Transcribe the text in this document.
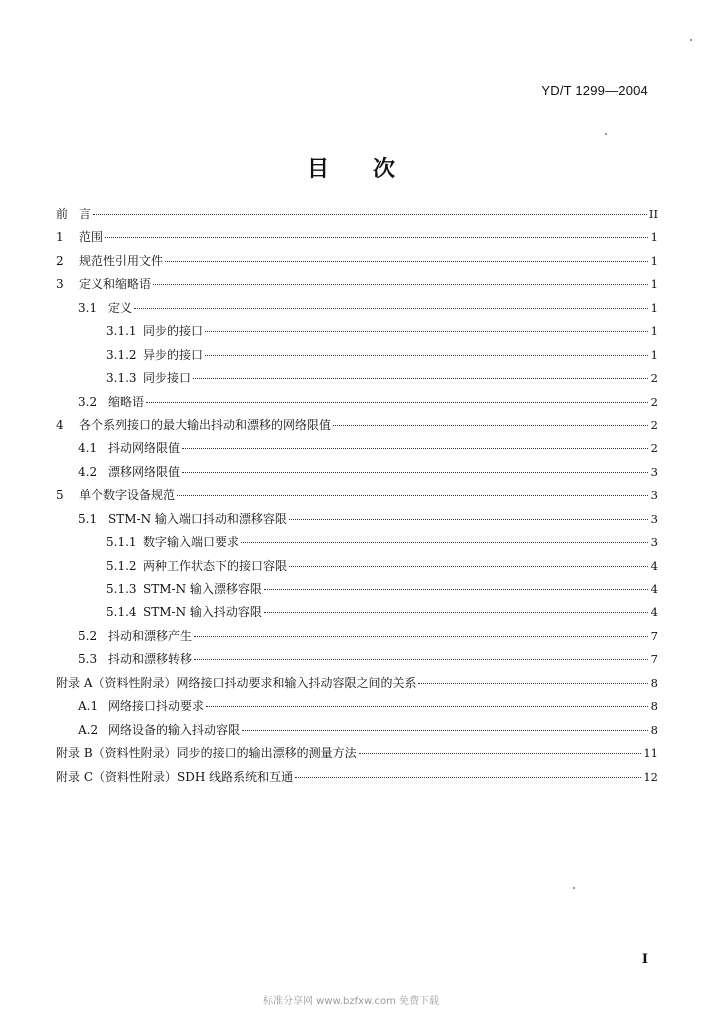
YD/T 1299—2004
目 次
前 言	II
1	范围	1
2	规范性引用文件	1
3	定义和缩略语	1
3.1 定义	1
3.1.1 同步的接口	1
3.1.2 异步的接口	1
3.1.3 同步接口	2
3.2 缩略语	2
4	各个系列接口的最大输出抖动和漂移的网络限值	2
4.1 抖动网络限值	2
4.2 漂移网络限值	3
5	单个数字设备规范	3
5.1 STM-N 输入端口抖动和漂移容限	3
5.1.1 数字输入端口要求	3
5.1.2 两种工作状态下的接口容限	4
5.1.3 STM-N 输入漂移容限	4
5.1.4 STM-N 输入抖动容限	4
5.2 抖动和漂移产生	7
5.3 抖动和漂移转移	7
附录 A（资料性附录）网络接口抖动要求和输入抖动容限之间的关系	8
A.1 网络接口抖动要求	8
A.2 网络设备的输入抖动容限	8
附录 B（资料性附录）同步的接口的输出漂移的测量方法	11
附录 C（资料性附录）SDH 线路系统和互通	12
I
标准分享网 www.bzfxw.com 免费下载
